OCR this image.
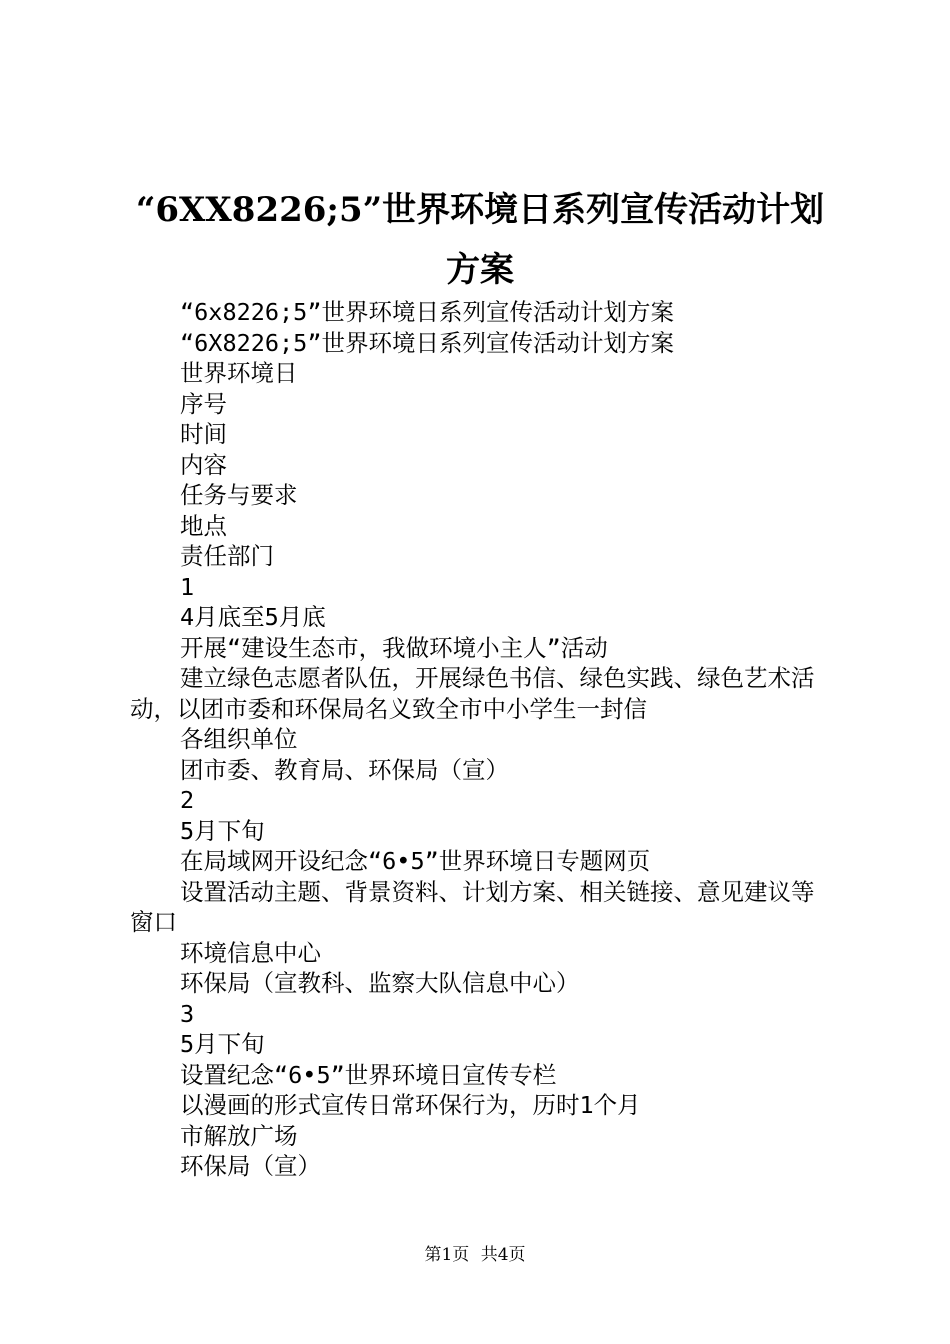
“6XX8226;5”世界环境日系列宣传活动计划
方案

“6x8226;5”世界环境日系列宣传活动计划方案

“6X8226;5”世界环境日系列宣传活动计划方案

世界环境日

序号

时间

内容

任务与要求

地点

责任部门

1

4月底至5月底

开展“建设生态市，我做环境小主人”活动

建立绿色志愿者队伍，开展绿色书信、绿色实践、绿色艺术活动，以团市委和环保局名义致全市中小学生一封信

各组织单位

团市委、教育局、环保局（宣）

2

5月下旬

在局域网开设纪念“6•5”世界环境日专题网页

设置活动主题、背景资料、计划方案、相关链接、意见建议等窗口

环境信息中心

环保局（宣教科、监察大队信息中心）

3

5月下旬

设置纪念“6•5”世界环境日宣传专栏

以漫画的形式宣传日常环保行为，历时1个月

市解放广场

环保局（宣）

第1页 共4页
